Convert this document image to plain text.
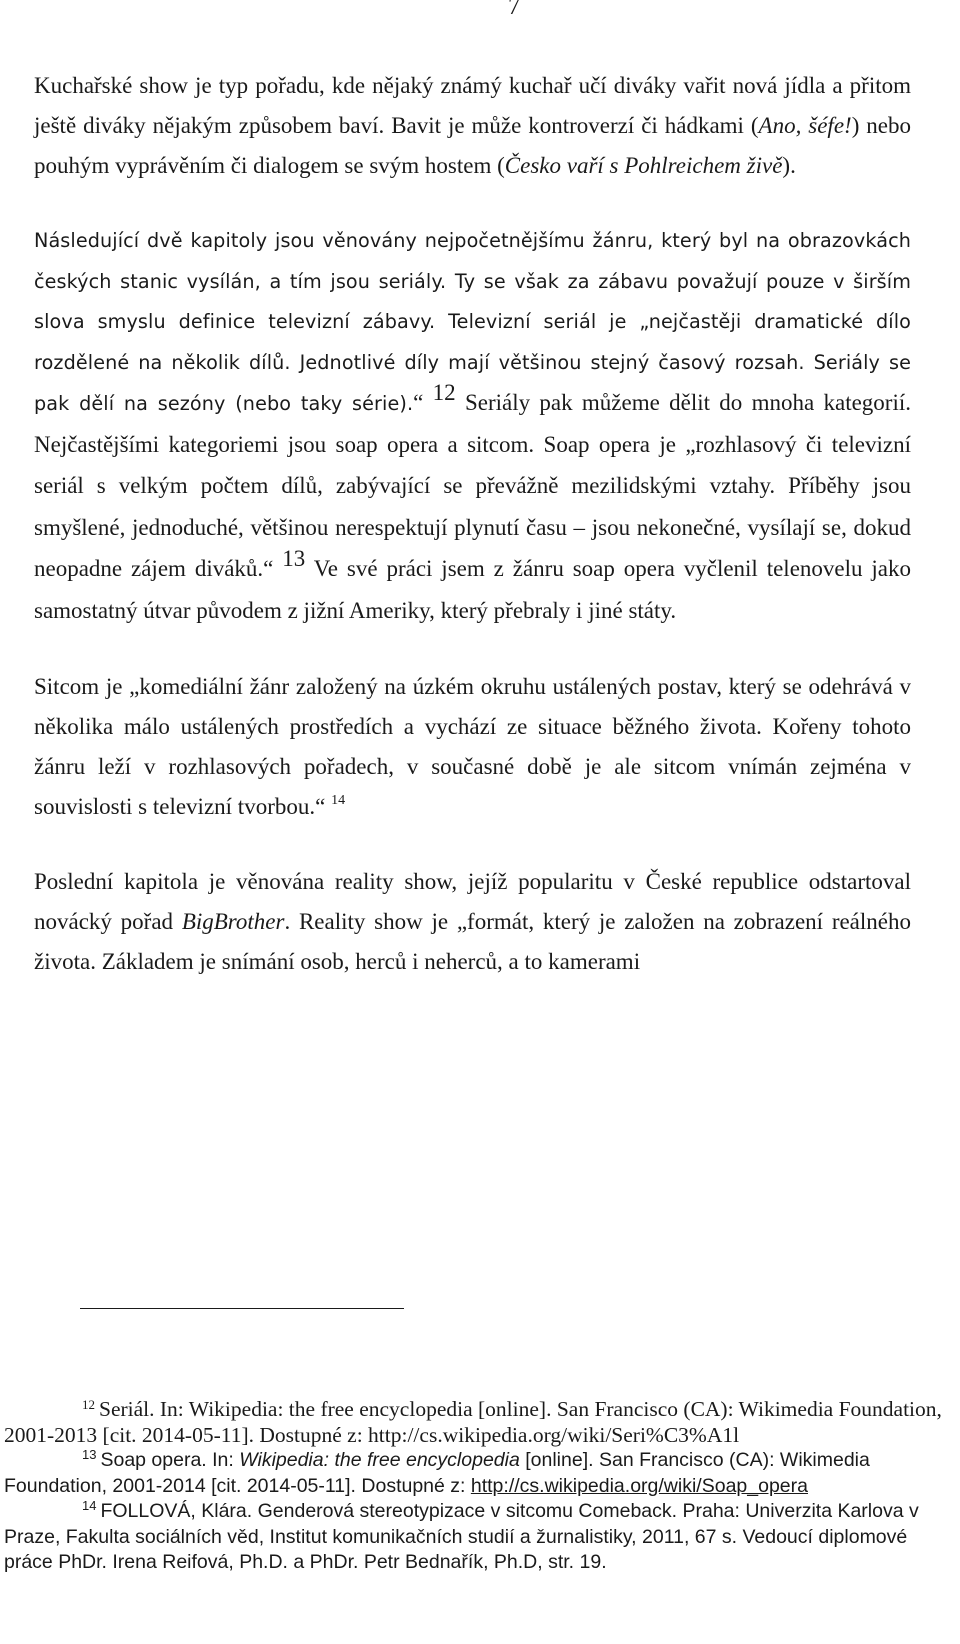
7

Kuchařské show je typ pořadu, kde nějaký známý kuchař učí diváky vařit nová jídla a přitom ještě diváky nějakým způsobem baví. Bavit je může kontroverzí či hádkami (Ano, šéfe!) nebo pouhým vyprávěním či dialogem se svým hostem (Česko vaří s Pohlreichem živě).

Následující dvě kapitoly jsou věnovány nejpočetnějšímu žánru, který byl na obrazovkách českých stanic vysílán, a tím jsou seriály. Ty se však za zábavu považují pouze v širším slova smyslu definice televizní zábavy. Televizní seriál je „nejčastěji dramatické dílo rozdělené na několik dílů. Jednotlivé díly mají většinou stejný časový rozsah. Seriály se pak dělí na sezóny (nebo taky série).“ $^{12}$ Seriály pak můžeme dělit do mnoha kategorií. Nejčastějšími kategoriemi jsou soap opera a sitcom. Soap opera je „rozhlasový či televizní seriál s velkým počtem dílů, zabývající se převážně mezilidskými vztahy. Příběhy jsou smyšlené, jednoduché, většinou nerespektují plynutí času – jsou nekonečné, vysílají se, dokud neopadne zájem diváků.“ $^{13}$ Ve své práci jsem z žánru soap opera vyčlenil telenovelu jako samostatný útvar původem z jižní Ameriky, který přebraly i jiné státy.

Sitcom je „komediální žánr založený na úzkém okruhu ustálených postav, který se odehrává v několika málo ustálených prostředích a vychází ze situace běžného života. Kořeny tohoto žánru leží v rozhlasových pořadech, v současné době je ale sitcom vnímán zejména v souvislosti s televizní tvorbou.“ $^{14}$

Poslední kapitola je věnována reality show, jejíž popularitu v České republice odstartoval novácký pořad BigBrother. Reality show je „formát, který je založen na zobrazení reálného života. Základem je snímání osob, herců i neherců, a to kamerami

12 Seriál. In: Wikipedia: the free encyclopedia [online]. San Francisco (CA): Wikimedia Foundation, 2001-2013 [cit. 2014-05-11]. Dostupné z: http://cs.wikipedia.org/wiki/Seri%C3%A1l

13 Soap opera. In: Wikipedia: the free encyclopedia [online]. San Francisco (CA): Wikimedia Foundation, 2001-2014 [cit. 2014-05-11]. Dostupné z: http://cs.wikipedia.org/wiki/Soap_opera

14 FOLLOVÁ, Klára. Genderová stereotypizace v sitcomu Comeback. Praha: Univerzita Karlova v Praze, Fakulta sociálních věd, Institut komunikačních studií a žurnalistiky, 2011, 67 s. Vedoucí diplomové práce PhDr. Irena Reifová, Ph.D. a PhDr. Petr Bednařík, Ph.D, str. 19.
